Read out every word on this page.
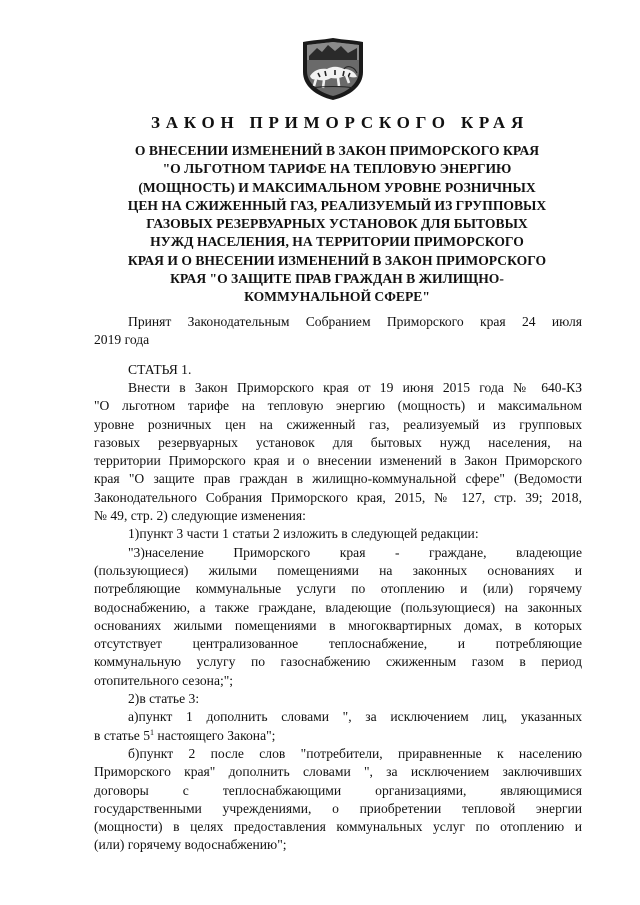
ЗАКОН ПРИМОРСКОГО КРАЯ
О ВНЕСЕНИИ ИЗМЕНЕНИЙ В ЗАКОН ПРИМОРСКОГО КРАЯ
"О ЛЬГОТНОМ ТАРИФЕ НА ТЕПЛОВУЮ ЭНЕРГИЮ
(МОЩНОСТЬ) И МАКСИМАЛЬНОМ УРОВНЕ РОЗНИЧНЫХ
ЦЕН НА СЖИЖЕННЫЙ ГАЗ, РЕАЛИЗУЕМЫЙ ИЗ ГРУППОВЫХ
ГАЗОВЫХ РЕЗЕРВУАРНЫХ УСТАНОВОК ДЛЯ БЫТОВЫХ
НУЖД НАСЕЛЕНИЯ, НА ТЕРРИТОРИИ ПРИМОРСКОГО
КРАЯ И О ВНЕСЕНИИ ИЗМЕНЕНИЙ В ЗАКОН ПРИМОРСКОГО
КРАЯ "О ЗАЩИТЕ ПРАВ ГРАЖДАН В ЖИЛИЩНО-
КОММУНАЛЬНОЙ СФЕРЕ"
Принят Законодательным Собранием Приморского края 24 июля
2019 года
СТАТЬЯ 1.
Внести в Закон Приморского края от 19 июня 2015 года № 640-КЗ
"О льготном тарифе на тепловую энергию (мощность) и максимальном
уровне розничных цен на сжиженный газ, реализуемый из групповых
газовых резервуарных установок для бытовых нужд населения, на
территории Приморского края и о внесении изменений в Закон Приморского
края "О защите прав граждан в жилищно-коммунальной сфере" (Ведомости
Законодательного Собрания Приморского края, 2015, № 127, стр. 39; 2018,
№ 49, стр. 2) следующие изменения:
1)пункт 3 части 1 статьи 2 изложить в следующей редакции:
"3)население Приморского края - граждане, владеющие
(пользующиеся) жилыми помещениями на законных основаниях и
потребляющие коммунальные услуги по отоплению и (или) горячему
водоснабжению, а также граждане, владеющие (пользующиеся) на законных
основаниях жилыми помещениями в многоквартирных домах, в которых
отсутствует централизованное теплоснабжение, и потребляющие
коммунальную услугу по газоснабжению сжиженным газом в период
отопительного сезона;";
2)в статье 3:
а)пункт 1 дополнить словами ", за исключением лиц, указанных
в статье $5^1$ настоящего Закона";
б)пункт 2 после слов "потребители, приравненные к населению
Приморского края" дополнить словами ", за исключением заключивших
договоры с теплоснабжающими организациями, являющимися
государственными учреждениями, о приобретении тепловой энергии
(мощности) в целях предоставления коммунальных услуг по отоплению и
(или) горячему водоснабжению";
